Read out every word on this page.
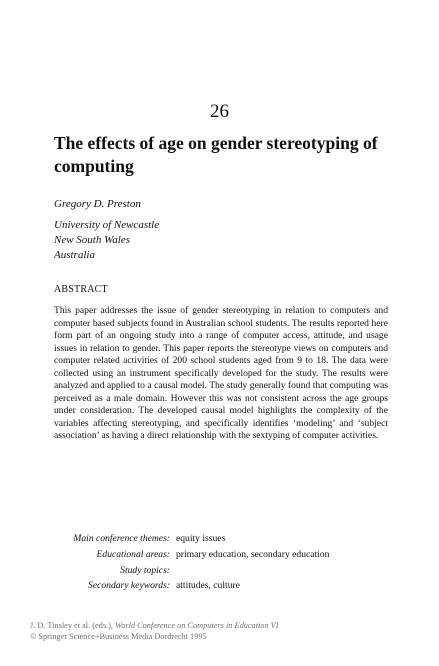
26
The effects of age on gender stereotyping of computing
Gregory D. Preston
University of Newcastle
New South Wales
Australia
ABSTRACT

This paper addresses the issue of gender stereotyping in relation to computers and computer based subjects found in Australian school students. The results reported here form part of an ongoing study into a range of computer access, attitude, and usage issues in relation to gender. This paper reports the stereotype views on computers and computer related activities of 200 school students aged from 9 to 18. The data were collected using an instrument specifically developed for the study. The results were analyzed and applied to a causal model. The study generally found that computing was perceived as a male domain. However this was not consistent across the age groups under consideration. The developed causal model highlights the complexity of the variables affecting stereotyping, and specifically identifies ‘modeling’ and ‘subject association’ as having a direct relationship with the sextyping of computer activities.

Main conference themes: equity issues
Educational areas: primary education, secondary education
Study topics:
Secondary keywords: attitudes, culture
J. D. Tinsley et al. (eds.), World Conference on Computers in Education VI
© Springer Science+Business Media Dordrecht 1995
